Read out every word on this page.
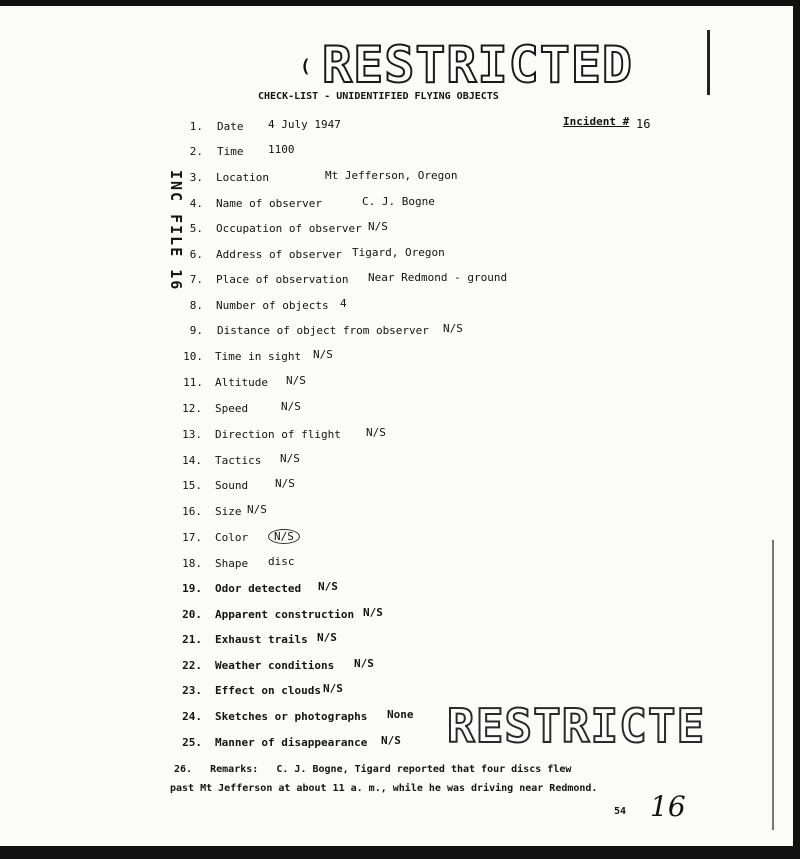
( RESTRICTED
CHECK-LIST - UNIDENTIFIED FLYING OBJECTS
Incident # 16
INC FILE 16
1. Date 4 July 1947
2. Time 1100
3. Location	Mt Jefferson, Oregon
4. Name of observer	C. J. Bogne
5. Occupation of observer N/S
6. Address of observer Tigard, Oregon
7. Place of observation Near Redmond - ground
8. Number of objects 4
9. Distance of object from observer N/S
10. Time in sight N/S
11. Altitude N/S
12. Speed	N/S
13. Direction of flight N/S
14. Tactics N/S
15. Sound N/S
16. Size N/S
17. Color	N/S
18. Shape disc
19. Odor detected N/S
20. Apparent construction N/S
21. Exhaust trails N/S
22. Weather conditions N/S
23. Effect on clouds N/S
24. Sketches or photographs None
25. Manner of disappearance N/S RESTRICTE
26. Remarks: C. J. Bogne, Tigard reported that four discs flew
past Mt Jefferson at about 11 a. m., while he was driving near Redmond.
54 16
